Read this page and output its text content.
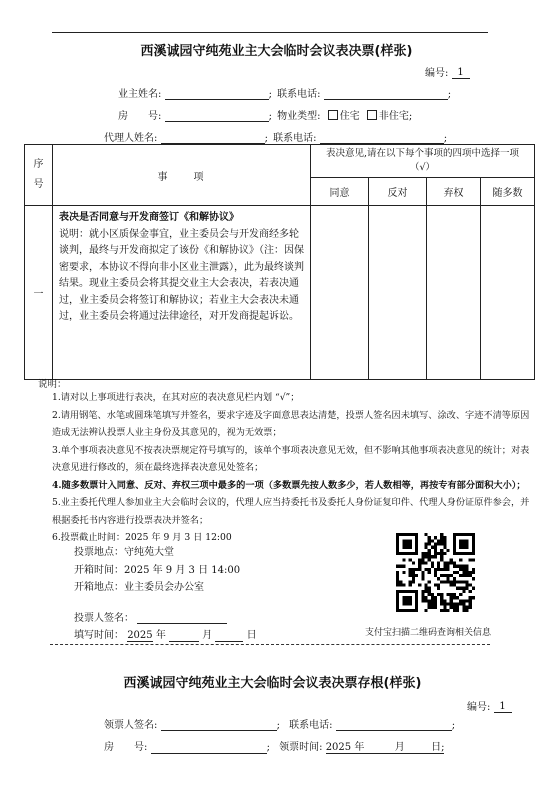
西溪诚园守纯苑业主大会临时会议表决票(样张)
编号: 1
业主姓名:	; 联系电话:	;
房　　号:	; 物业类型: 住宅 非住宅;
代理人姓名:	; 联系电话:	;
序号	事　　项	表决意见,请在以下每个事项的四项中选择一项（√）			
		同意	反对	弃权	随多数
一	表决是否同意与开发商签订《和解协议》
说明：就小区质保金事宜，业主委员会与开发商经多轮谈判，最终与开发商拟定了该份《和解协议》（注：因保密要求，本协议不得向非小区业主泄露），此为最终谈判结果。现业主委员会将其提交业主大会表决，若表决通过，业主委员会将签订和解协议；若业主大会表决未通过，业主委员会将通过法律途径，对开发商提起诉讼。				

说明：
1.请对以上事项进行表决，在其对应的表决意见栏内划 “√”；
2.请用钢笔、水笔或圆珠笔填写并签名，要求字迹及字面意思表达清楚，投票人签名因未填写、涂改、字迹不清等原因造成无法辨认投票人业主身份及其意见的，视为无效票；
3.单个事项表决意见不按表决票规定符号填写的，该单个事项表决意见无效，但不影响其他事项表决意见的统计；对表决意见进行修改的，须在最终选择表决意见处签名；
4.随多数票计入同意、反对、弃权三项中最多的一项（多数票先按人数多少，若人数相等，再按专有部分面积大小）；
5.业主委托代理人参加业主大会临时会议的，代理人应当持委托书及委托人身份证复印件、代理人身份证原件参会，并根据委托书内容进行投票表决并签名；
6.投票截止时间：2025 年 9 月 3 日 12:00
投票地点：守纯苑大堂
开箱时间：2025 年 9 月 3 日 14:00
开箱地点：业主委员会办公室
投票人签名：
填写时间： 2025 年	月	日	支付宝扫描二维码查询相关信息
西溪诚园守纯苑业主大会临时会议表决票存根(样张)
编号: 1
领票人签名:	; 联系电话:	;
房　　号:	; 领票时间: 2025 年	月	日;
